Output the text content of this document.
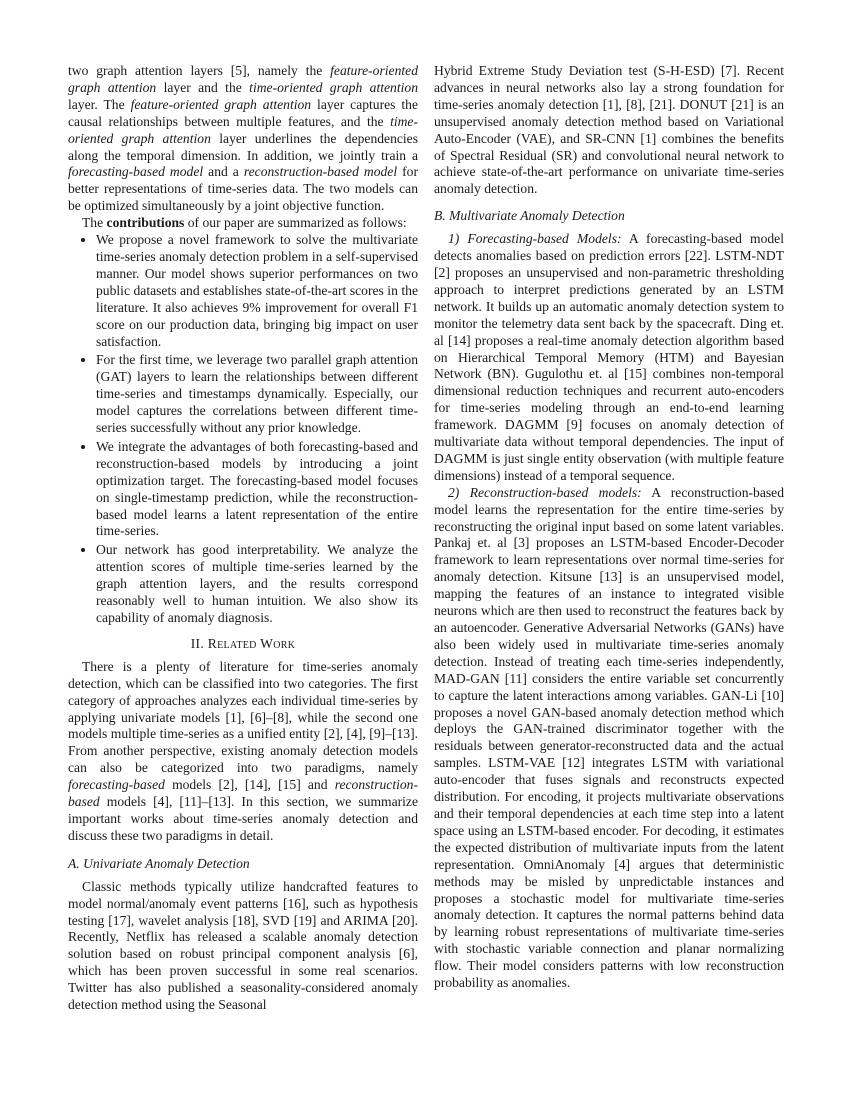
two graph attention layers [5], namely the feature-oriented graph attention layer and the time-oriented graph attention layer. The feature-oriented graph attention layer captures the causal relationships between multiple features, and the time-oriented graph attention layer underlines the dependencies along the temporal dimension. In addition, we jointly train a forecasting-based model and a reconstruction-based model for better representations of time-series data. The two models can be optimized simultaneously by a joint objective function.

The contributions of our paper are summarized as follows:

• We propose a novel framework to solve the multivariate time-series anomaly detection problem in a self-supervised manner. Our model shows superior performances on two public datasets and establishes state-of-the-art scores in the literature. It also achieves 9% improvement for overall F1 score on our production data, bringing big impact on user satisfaction.
• For the first time, we leverage two parallel graph attention (GAT) layers to learn the relationships between different time-series and timestamps dynamically. Especially, our model captures the correlations between different time-series successfully without any prior knowledge.
• We integrate the advantages of both forecasting-based and reconstruction-based models by introducing a joint optimization target. The forecasting-based model focuses on single-timestamp prediction, while the reconstruction-based model learns a latent representation of the entire time-series.
• Our network has good interpretability. We analyze the attention scores of multiple time-series learned by the graph attention layers, and the results correspond reasonably well to human intuition. We also show its capability of anomaly diagnosis.
II. Related Work

There is a plenty of literature for time-series anomaly detection, which can be classified into two categories. The first category of approaches analyzes each individual time-series by applying univariate models [1], [6]–[8], while the second one models multiple time-series as a unified entity [2], [4], [9]–[13]. From another perspective, existing anomaly detection models can also be categorized into two paradigms, namely forecasting-based models [2], [14], [15] and reconstruction-based models [4], [11]–[13]. In this section, we summarize important works about time-series anomaly detection and discuss these two paradigms in detail.

A. Univariate Anomaly Detection

Classic methods typically utilize handcrafted features to model normal/anomaly event patterns [16], such as hypothesis testing [17], wavelet analysis [18], SVD [19] and ARIMA [20]. Recently, Netflix has released a scalable anomaly detection solution based on robust principal component analysis [6], which has been proven successful in some real scenarios. Twitter has also published a seasonality-considered anomaly detection method using the Seasonal

Hybrid Extreme Study Deviation test (S-H-ESD) [7]. Recent advances in neural networks also lay a strong foundation for time-series anomaly detection [1], [8], [21]. DONUT [21] is an unsupervised anomaly detection method based on Variational Auto-Encoder (VAE), and SR-CNN [1] combines the benefits of Spectral Residual (SR) and convolutional neural network to achieve state-of-the-art performance on univariate time-series anomaly detection.

B. Multivariate Anomaly Detection

1) Forecasting-based Models: A forecasting-based model detects anomalies based on prediction errors [22]. LSTM-NDT [2] proposes an unsupervised and non-parametric thresholding approach to interpret predictions generated by an LSTM network. It builds up an automatic anomaly detection system to monitor the telemetry data sent back by the spacecraft. Ding et. al [14] proposes a real-time anomaly detection algorithm based on Hierarchical Temporal Memory (HTM) and Bayesian Network (BN). Gugulothu et. al [15] combines non-temporal dimensional reduction techniques and recurrent auto-encoders for time-series modeling through an end-to-end learning framework. DAGMM [9] focuses on anomaly detection of multivariate data without temporal dependencies. The input of DAGMM is just single entity observation (with multiple feature dimensions) instead of a temporal sequence.

2) Reconstruction-based models: A reconstruction-based model learns the representation for the entire time-series by reconstructing the original input based on some latent variables. Pankaj et. al [3] proposes an LSTM-based Encoder-Decoder framework to learn representations over normal time-series for anomaly detection. Kitsune [13] is an unsupervised model, mapping the features of an instance to integrated visible neurons which are then used to reconstruct the features back by an autoencoder. Generative Adversarial Networks (GANs) have also been widely used in multivariate time-series anomaly detection. Instead of treating each time-series independently, MAD-GAN [11] considers the entire variable set concurrently to capture the latent interactions among variables. GAN-Li [10] proposes a novel GAN-based anomaly detection method which deploys the GAN-trained discriminator together with the residuals between generator-reconstructed data and the actual samples. LSTM-VAE [12] integrates LSTM with variational auto-encoder that fuses signals and reconstructs expected distribution. For encoding, it projects multivariate observations and their temporal dependencies at each time step into a latent space using an LSTM-based encoder. For decoding, it estimates the expected distribution of multivariate inputs from the latent representation. OmniAnomaly [4] argues that deterministic methods may be misled by unpredictable instances and proposes a stochastic model for multivariate time-series anomaly detection. It captures the normal patterns behind data by learning robust representations of multivariate time-series with stochastic variable connection and planar normalizing flow. Their model considers patterns with low reconstruction probability as anomalies.
